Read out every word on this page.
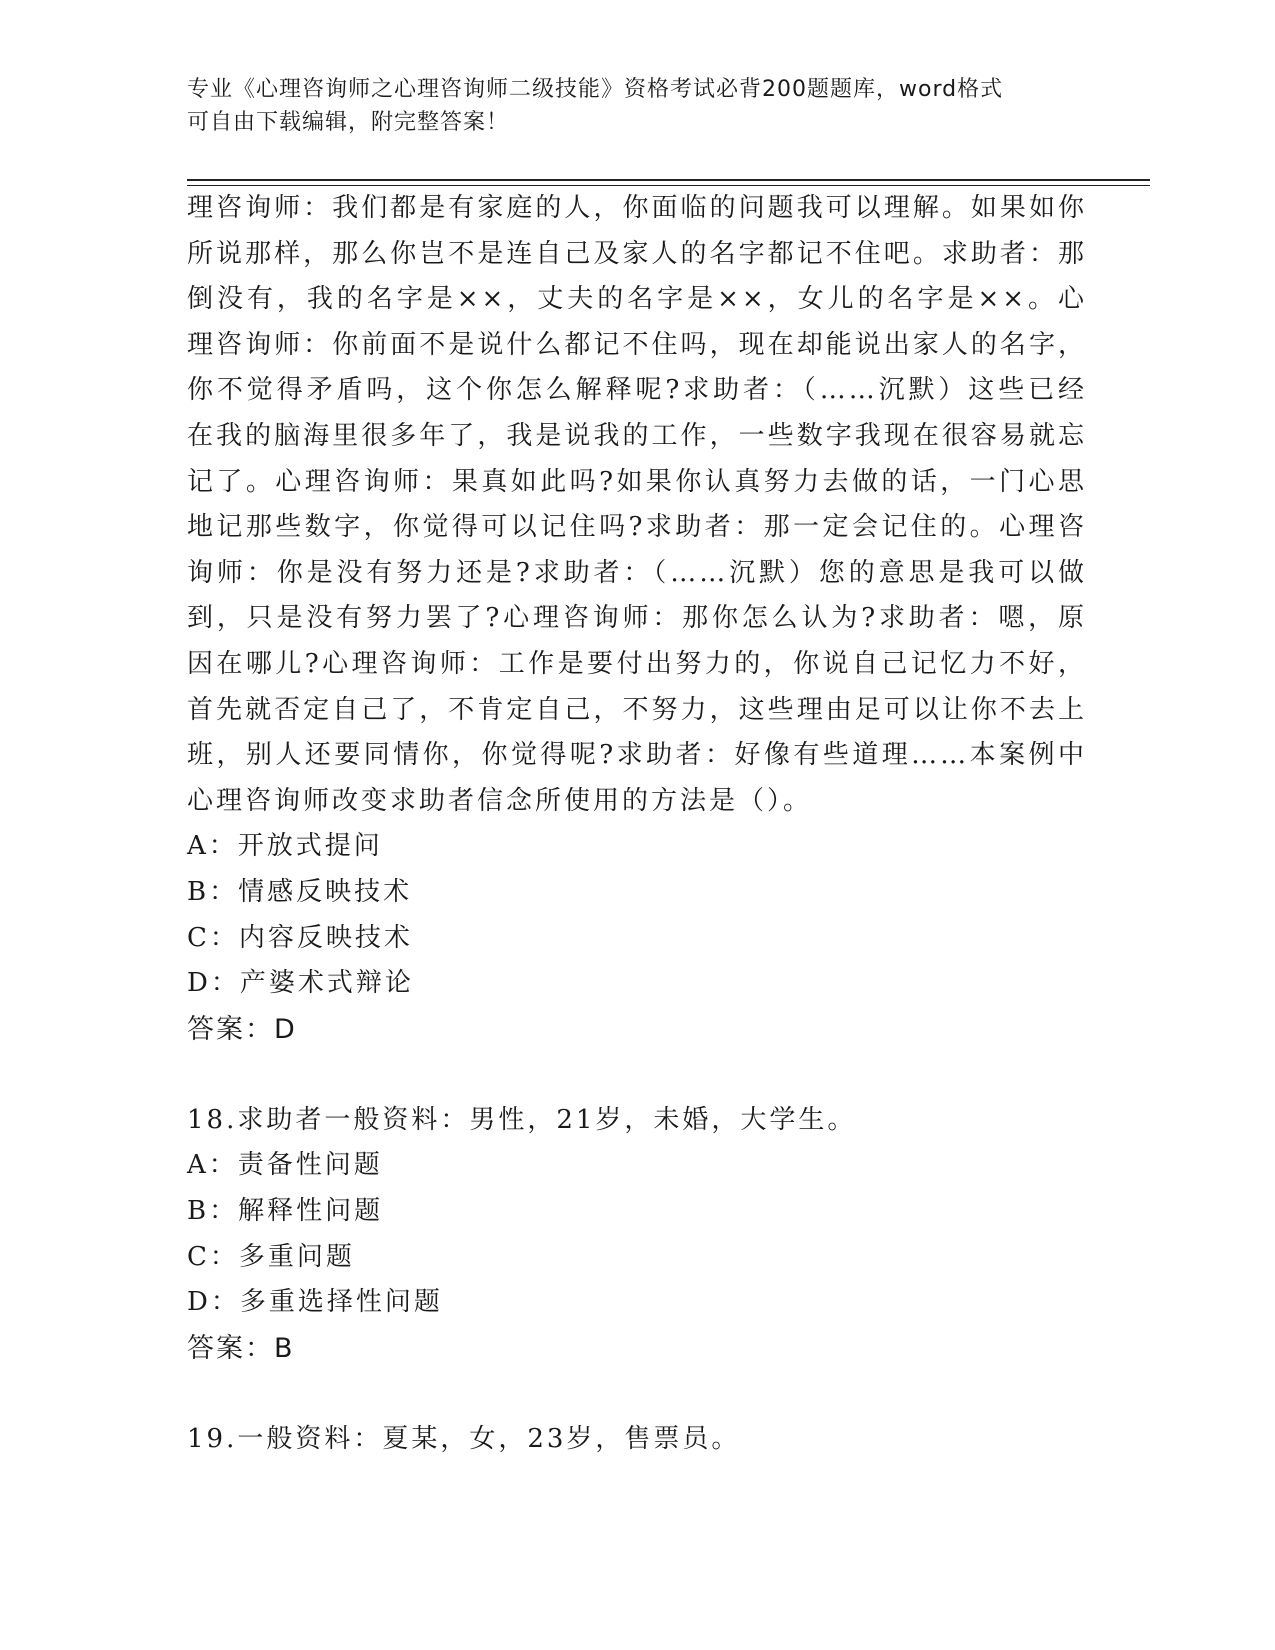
专业《心理咨询师之心理咨询师二级技能》资格考试必背200题题库，word格式
可自由下载编辑，附完整答案！

理咨询师：我们都是有家庭的人，你面临的问题我可以理解。如果如你所说那样，那么你岂不是连自己及家人的名字都记不住吧。求助者：那倒没有，我的名字是××，丈夫的名字是××，女儿的名字是××。心理咨询师：你前面不是说什么都记不住吗，现在却能说出家人的名字，你不觉得矛盾吗，这个你怎么解释呢?求助者：（……沉默）这些已经在我的脑海里很多年了，我是说我的工作，一些数字我现在很容易就忘记了。心理咨询师：果真如此吗?如果你认真努力去做的话，一门心思地记那些数字，你觉得可以记住吗?求助者：那一定会记住的。心理咨询师：你是没有努力还是?求助者：（……沉默）您的意思是我可以做到，只是没有努力罢了?心理咨询师：那你怎么认为?求助者：嗯，原因在哪儿?心理咨询师：工作是要付出努力的，你说自己记忆力不好，首先就否定自己了，不肯定自己，不努力，这些理由足可以让你不去上班，别人还要同情你，你觉得呢?求助者：好像有些道理……本案例中心理咨询师改变求助者信念所使用的方法是（）。

A：开放式提问

B：情感反映技术

C：内容反映技术

D：产婆术式辩论

答案：D

18.求助者一般资料：男性，21岁，未婚，大学生。

A：责备性问题

B：解释性问题

C：多重问题

D：多重选择性问题

答案：B

19.一般资料：夏某，女，23岁，售票员。
